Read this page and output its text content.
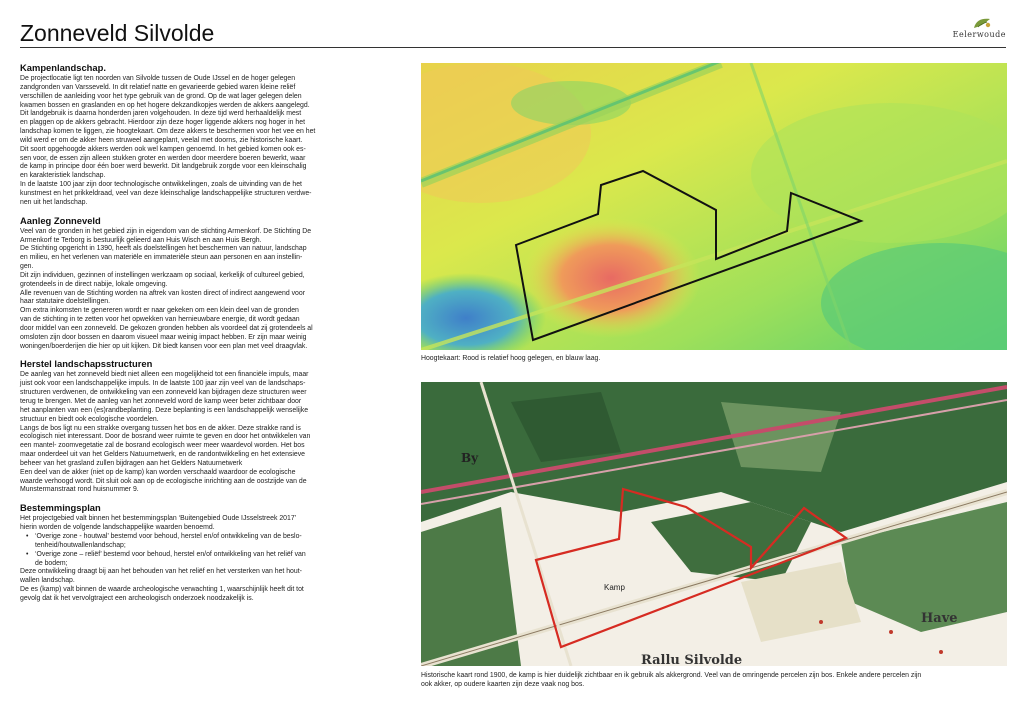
Zonneveld Silvolde	Eelerwoude
Kampenlandschap.

De projectlocatie ligt ten noorden van Silvolde tussen de Oude IJssel en de hoger gelegen

zandgronden van Varsseveld. In dit relatief natte en gevarieerde gebied waren kleine reliëf

verschillen de aanleiding voor het type gebruik van de grond. Op de wat lager gelegen delen

kwamen bossen en graslanden en op het hogere dekzandkopjes werden de akkers aangelegd.

Dit landgebruik is daarna honderden jaren volgehouden. In deze tijd werd herhaaldelijk mest

en plaggen op de akkers gebracht. Hierdoor zijn deze hoger liggende akkers nog hoger in het

landschap komen te liggen, zie hoogtekaart. Om deze akkers te beschermen voor het vee en het

wild werd er om de akker heen struweel aangeplant, veelal met doorns, zie historische kaart.

Dit soort opgehoogde akkers werden ook wel kampen genoemd. In het gebied komen ook es-

sen voor, de essen zijn alleen stukken groter en werden door meerdere boeren bewerkt, waar

de kamp in principe door één boer werd bewerkt. Dit landgebruik zorgde voor een kleinschalig

en karakteristiek landschap.

In de laatste 100 jaar zijn door technologische ontwikkelingen, zoals de uitvinding van de het

kunstmest en het prikkeldraad, veel van deze kleinschalige landschappelijke structuren verdwe-

nen uit het landschap.

Aanleg Zonneveld

Veel van de gronden in het gebied zijn in eigendom van de stichting Armenkorf. De Stichting De

Armenkorf te Terborg is bestuurlijk gelieerd aan Huis Wisch en aan Huis Bergh.

De Stichting opgericht in 1390, heeft als doelstellingen het beschermen van natuur, landschap

en milieu, en het verlenen van materiële en immateriële steun aan personen en aan instellin-

gen.

Dit zijn individuen, gezinnen of instellingen werkzaam op sociaal, kerkelijk of cultureel gebied,

grotendeels in de direct nabije, lokale omgeving.

Alle revenuen van de Stichting worden na aftrek van kosten direct of indirect aangewend voor

haar statutaire doelstellingen.

Om extra inkomsten te genereren wordt er naar gekeken om een klein deel van de gronden

van de stichting in te zetten voor het opwekken van hernieuwbare energie, dit wordt gedaan

door middel van een zonneveld. De gekozen gronden hebben als voordeel dat zij grotendeels al

omsloten zijn door bossen en daarom visueel maar weinig impact hebben. Er zijn maar weinig

woningen/boerderijen die hier op uit kijken. Dit biedt kansen voor een plan met veel draagvlak.

Herstel landschapsstructuren

De aanleg van het zonneveld biedt niet alleen een mogelijkheid tot een financiële impuls, maar

juist ook voor een landschappelijke impuls. In de laatste 100 jaar zijn veel van de landschaps-

structuren verdwenen, de ontwikkeling van een zonneveld kan bijdragen deze structuren weer

terug te brengen. Met de aanleg van het zonneveld word de kamp weer beter zichtbaar door

het aanplanten van een (es)randbeplanting. Deze beplanting is een landschappelijk wenselijke

structuur en biedt ook ecologische voordelen.

Langs de bos ligt nu een strakke overgang tussen het bos en de akker. Deze strakke rand is

ecologisch niet interessant. Door de bosrand weer ruimte te geven en door het ontwikkelen van

een mantel- zoomvegetatie zal de bosrand ecologisch weer meer waardevol worden. Het bos

maar onderdeel uit van het Gelders Natuurnetwerk, en de randontwikkeling en het extensieve

beheer van het grasland zullen bijdragen aan het Gelders Natuurnetwerk

Een deel van de akker (niet op de kamp) kan worden verschaald waardoor de ecologische

waarde verhoogd wordt. Dit sluit ook aan op de ecologische inrichting aan de oostzijde van de

Munstermanstraat rond huisnummer 9.

Bestemmingsplan

Het projectgebied valt binnen het bestemmingsplan ‘Buitengebied Oude IJsselstreek 2017’

hierin worden de volgende landschappelijke waarden benoemd.

• ‘Overige zone - houtwal’ bestemd voor behoud, herstel en/of ontwikkeling van de beslo-
tenheid/houtwallenlandschap;
• ‘Overige zone – reliëf’ bestemd voor behoud, herstel en/of ontwikkeling van het reliëf van
de bodem;

Deze ontwikkeling draagt bij aan het behouden van het reliëf en het versterken van het hout-

wallen landschap.

De es (kamp) valt binnen de waarde archeologische verwachting 1, waarschijnlijk heeft dit tot

gevolg dat ik het vervolgtraject een archeologisch onderzoek noodzakelijk is.

Hoogtekaart: Rood is relatief hoog gelegen, en blauw laag.
By
Have
Rallu Silvolde
Kamp
Historische kaart rond 1900, de kamp is hier duidelijk zichtbaar en ik gebruik als akkergrond. Veel van de omringende percelen zijn bos. Enkele andere percelen zijn
ook akker, op oudere kaarten zijn deze vaak nog bos.
